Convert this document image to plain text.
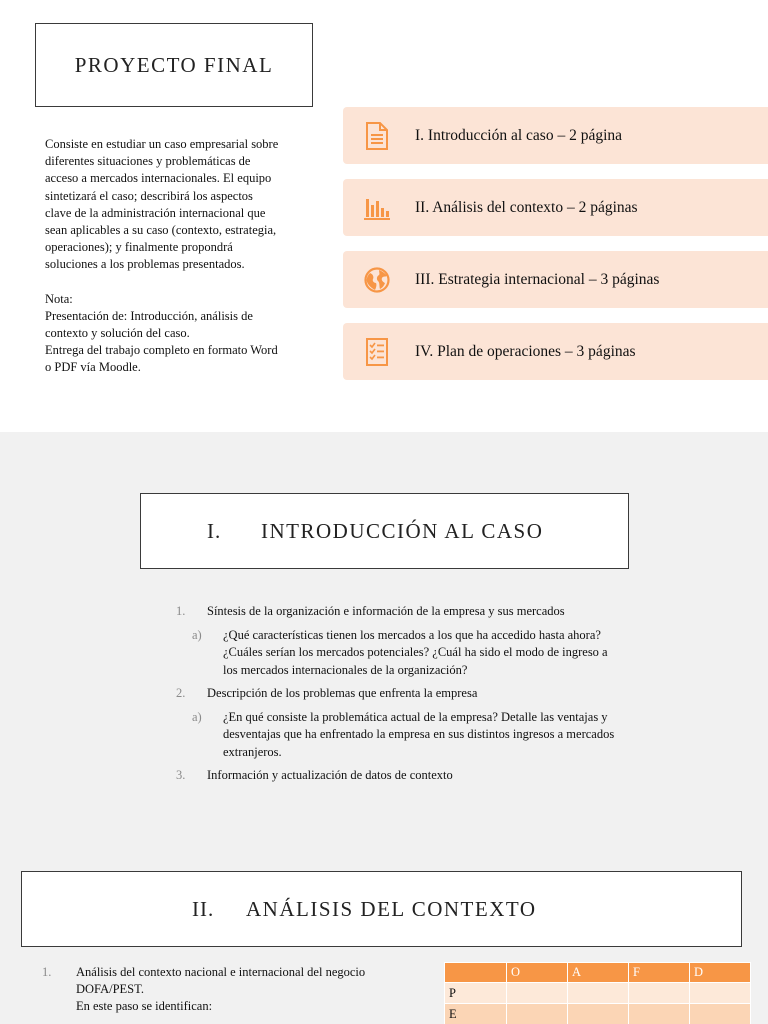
PROYECTO FINAL

Consiste en estudiar un caso empresarial sobre

diferentes situaciones y problemáticas de

acceso a mercados internacionales. El equipo

sintetizará el caso; describirá los aspectos

clave de la administración internacional que

sean aplicables a su caso (contexto, estrategia,

operaciones); y finalmente propondrá

soluciones a los problemas presentados.

Nota:

Presentación de: Introducción, análisis de

contexto y solución del caso.

Entrega del trabajo completo en formato Word

o PDF vía Moodle.

I. Introducción al caso – 2 página
II. Análisis del contexto – 2 páginas
III. Estrategia internacional – 3 páginas
IV. Plan de operaciones – 3 páginas
I. INTRODUCCIÓN AL CASO
1.	Síntesis de la organización e información de la empresa y sus mercados
a)	¿Qué características tienen los mercados a los que ha accedido hasta ahora? ¿Cuáles serían los mercados potenciales? ¿Cuál ha sido el modo de ingreso a los mercados internacionales de la organización?
2.	Descripción de los problemas que enfrenta la empresa
a)	¿En qué consiste la problemática actual de la empresa? Detalle las ventajas y desventajas que ha enfrentado la empresa en sus distintos ingresos a mercados extranjeros.
3.	Información y actualización de datos de contexto
II. ANÁLISIS DEL CONTEXTO
1.	Análisis del contexto nacional e internacional del negocio
DOFA/PEST.
En este paso se identifican:
	O	A	F	D
P				
E				
